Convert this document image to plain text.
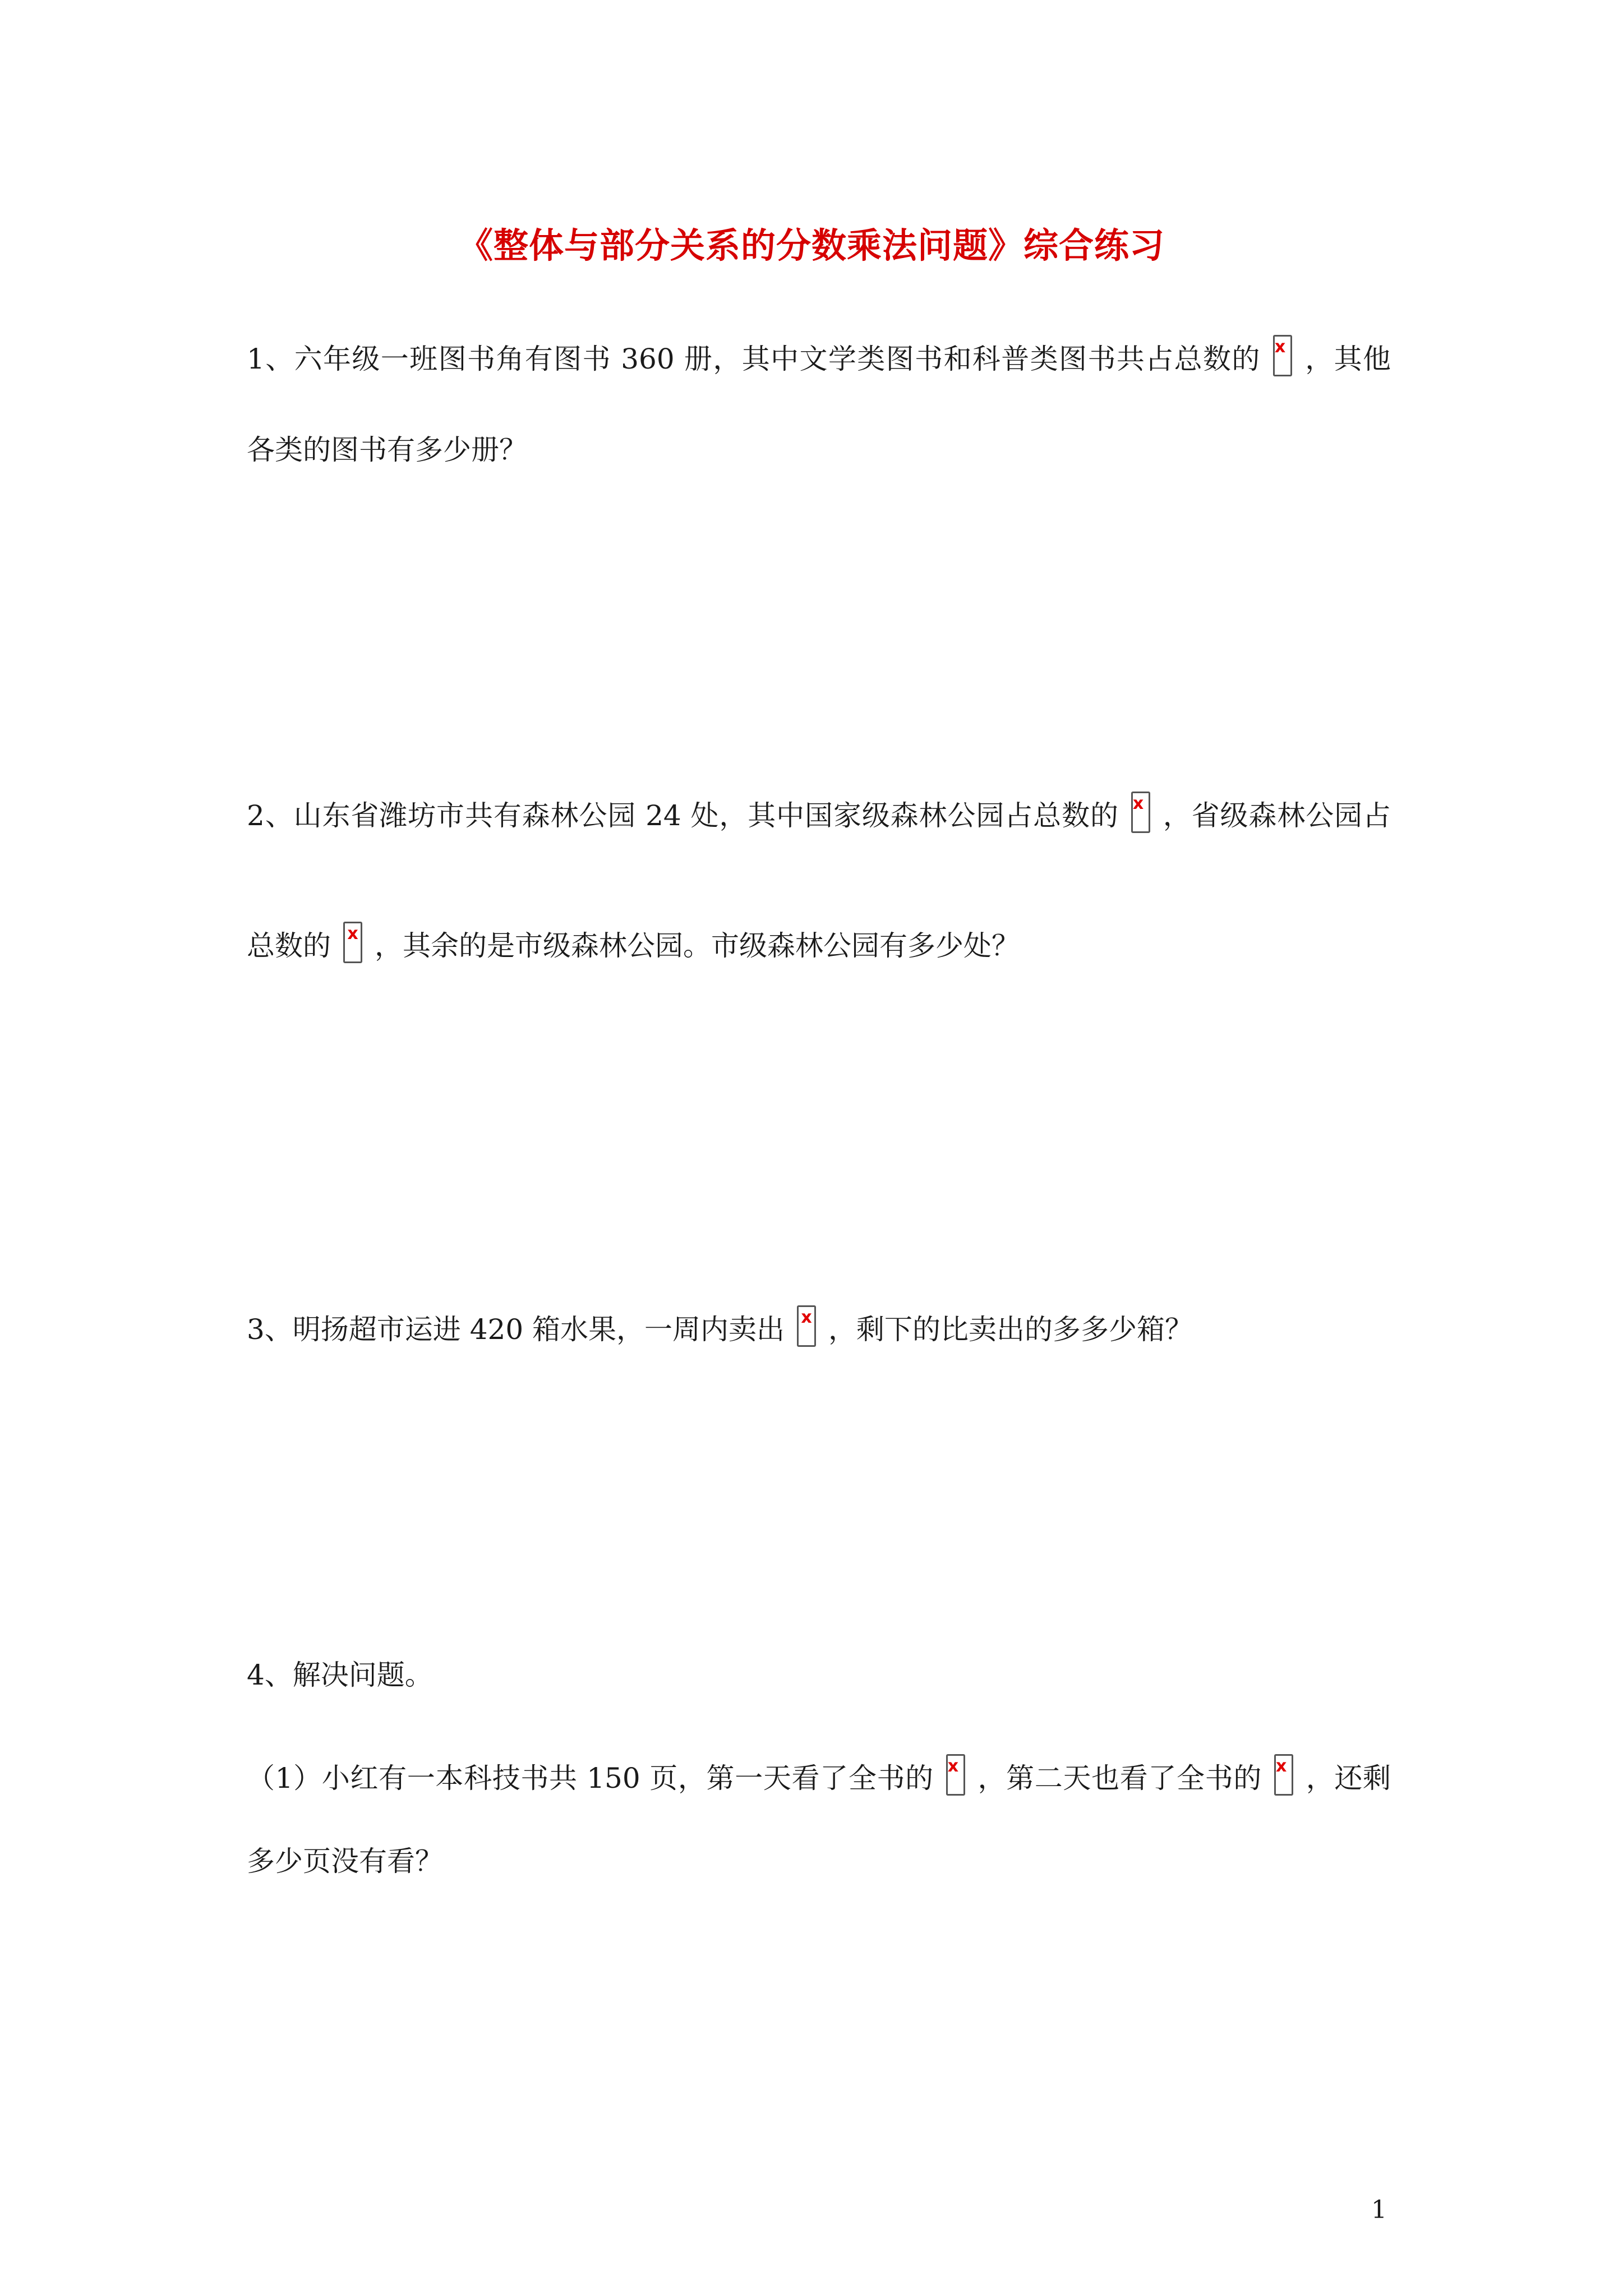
《整体与部分关系的分数乘法问题》综合练习
1、六年级一班图书角有图书 360 册，其中文学类图书和科普类图书共占总数的 x ，其他
各类的图书有多少册？
2、山东省潍坊市共有森林公园 24 处，其中国家级森林公园占总数的 x ，省级森林公园占
总数的 x ，其余的是市级森林公园。市级森林公园有多少处？
3、明扬超市运进 420 箱水果，一周内卖出 x ，剩下的比卖出的多多少箱？
4、解决问题。
（1）小红有一本科技书共 150 页，第一天看了全书的 x ，第二天也看了全书的 x ，还剩
多少页没有看？
1
